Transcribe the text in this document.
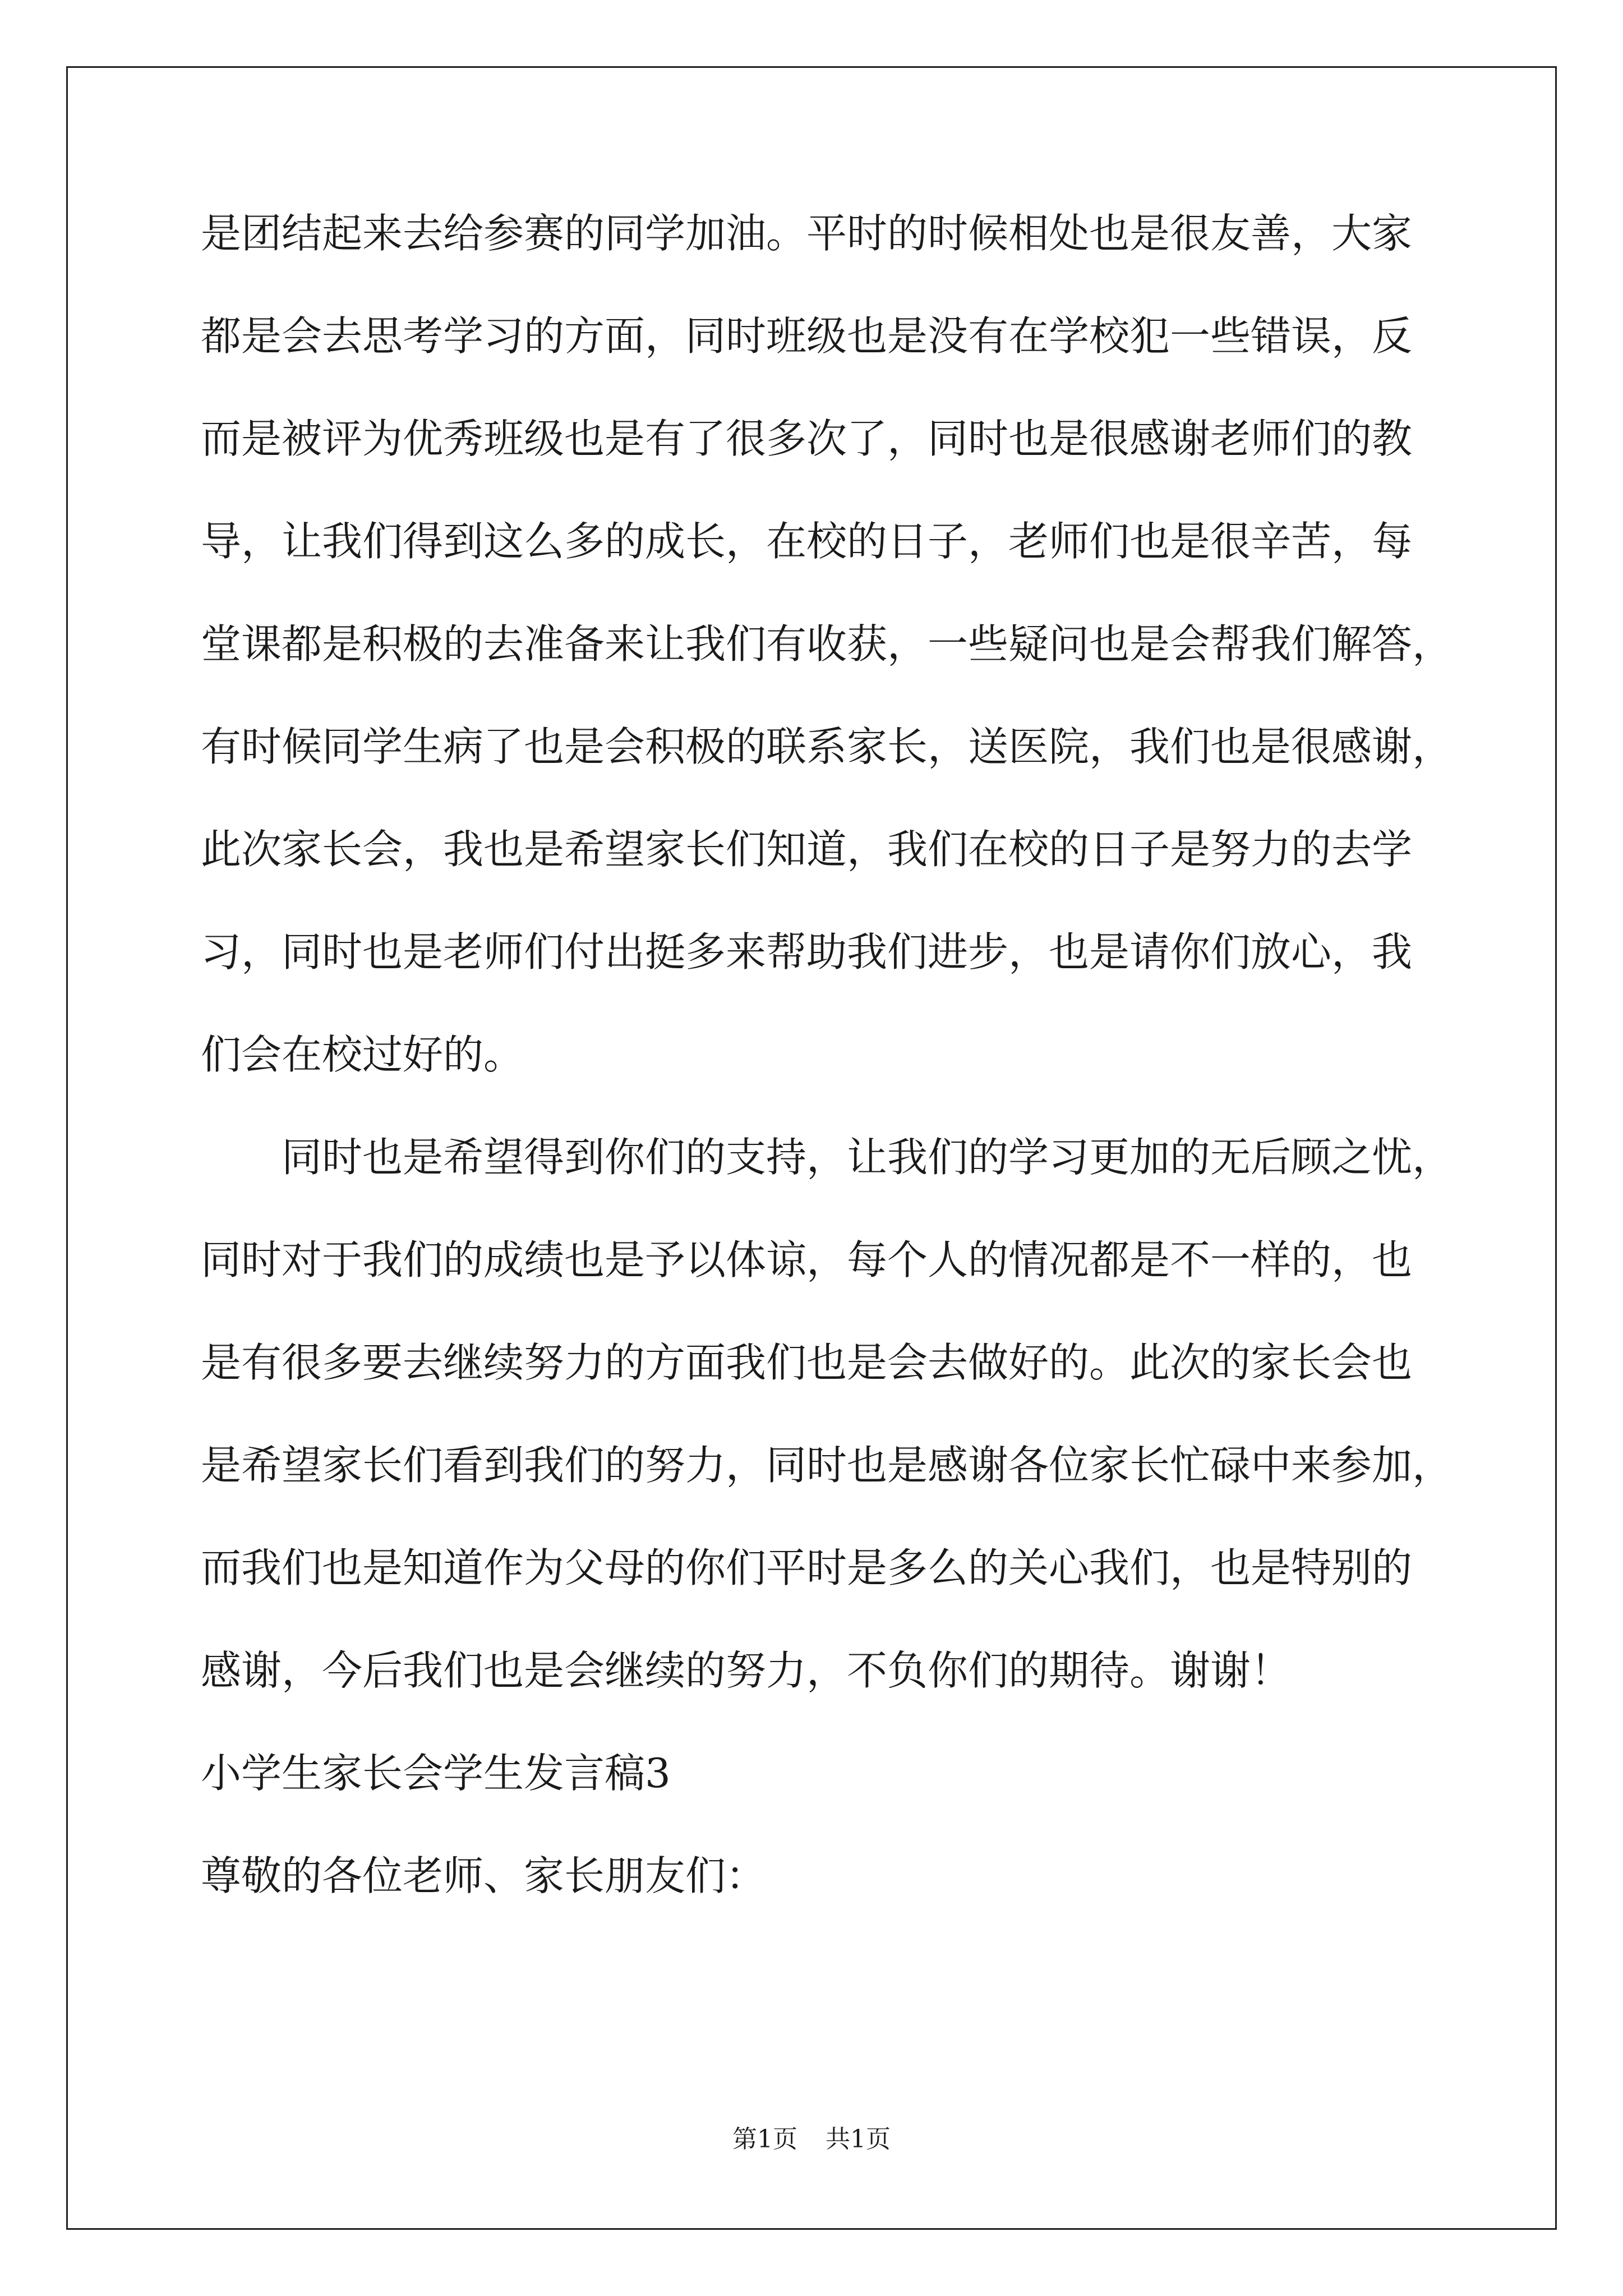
是团结起来去给参赛的同学加油。平时的时候相处也是很友善，大家
都是会去思考学习的方面，同时班级也是没有在学校犯一些错误，反
而是被评为优秀班级也是有了很多次了，同时也是很感谢老师们的教
导，让我们得到这么多的成长，在校的日子，老师们也是很辛苦，每
堂课都是积极的去准备来让我们有收获，一些疑问也是会帮我们解答，
有时候同学生病了也是会积极的联系家长，送医院，我们也是很感谢，
此次家长会，我也是希望家长们知道，我们在校的日子是努力的去学
习，同时也是老师们付出挺多来帮助我们进步，也是请你们放心，我
们会在校过好的。
同时也是希望得到你们的支持，让我们的学习更加的无后顾之忧，
同时对于我们的成绩也是予以体谅，每个人的情况都是不一样的，也
是有很多要去继续努力的方面我们也是会去做好的。此次的家长会也
是希望家长们看到我们的努力，同时也是感谢各位家长忙碌中来参加，
而我们也是知道作为父母的你们平时是多么的关心我们，也是特别的
感谢，今后我们也是会继续的努力，不负你们的期待。谢谢！
小学生家长会学生发言稿3
尊敬的各位老师、家长朋友们：
第1页 共1页
